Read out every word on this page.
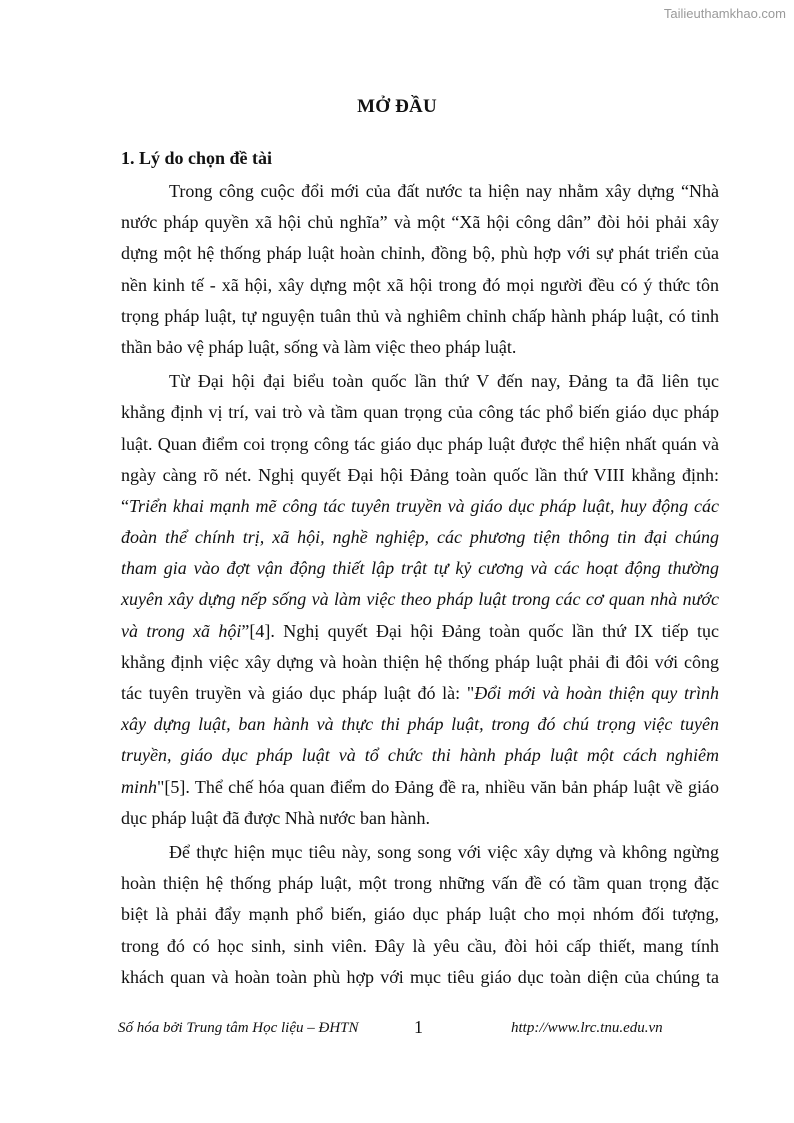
Tailieuthamkhao.com
MỞ ĐẦU
1. Lý do chọn đề tài
Trong công cuộc đổi mới của đất nước ta hiện nay nhằm xây dựng “Nhà
nước pháp quyền xã hội chủ nghĩa” và một “Xã hội công dân” đòi hỏi phải xây
dựng một hệ thống pháp luật hoàn chỉnh, đồng bộ, phù hợp với sự phát triển của
nền kinh tế - xã hội, xây dựng một xã hội trong đó mọi người đều có ý thức tôn
trọng pháp luật, tự nguyện tuân thủ và nghiêm chỉnh chấp hành pháp luật, có tinh
thần bảo vệ pháp luật, sống và làm việc theo pháp luật.
Từ Đại hội đại biểu toàn quốc lần thứ V đến nay, Đảng ta đã liên tục
khẳng định vị trí, vai trò và tầm quan trọng của công tác phổ biến giáo dục pháp
luật. Quan điểm coi trọng công tác giáo dục pháp luật được thể hiện nhất quán và
ngày càng rõ nét. Nghị quyết Đại hội Đảng toàn quốc lần thứ VIII khẳng định:
“Triển khai mạnh mẽ công tác tuyên truyền và giáo dục pháp luật, huy động các
đoàn thể chính trị, xã hội, nghề nghiệp, các phương tiện thông tin đại chúng
tham gia vào đợt vận động thiết lập trật tự kỷ cương và các hoạt động thường
xuyên xây dựng nếp sống và làm việc theo pháp luật trong các cơ quan nhà nước
và trong xã hội”[4]. Nghị quyết Đại hội Đảng toàn quốc lần thứ IX tiếp tục
khẳng định việc xây dựng và hoàn thiện hệ thống pháp luật phải đi đôi với công
tác tuyên truyền và giáo dục pháp luật đó là: "Đổi mới và hoàn thiện quy trình
xây dựng luật, ban hành và thực thi pháp luật, trong đó chú trọng việc tuyên
truyền, giáo dục pháp luật và tổ chức thi hành pháp luật một cách nghiêm
minh"[5]. Thể chế hóa quan điểm do Đảng đề ra, nhiều văn bản pháp luật về giáo
dục pháp luật đã được Nhà nước ban hành.
Để thực hiện mục tiêu này, song song với việc xây dựng và không ngừng
hoàn thiện hệ thống pháp luật, một trong những vấn đề có tầm quan trọng đặc
biệt là phải đẩy mạnh phổ biến, giáo dục pháp luật cho mọi nhóm đối tượng,
trong đó có học sinh, sinh viên. Đây là yêu cầu, đòi hỏi cấp thiết, mang tính
khách quan và hoàn toàn phù hợp với mục tiêu giáo dục toàn diện của chúng ta
Số hóa bởi Trung tâm Học liệu – ĐHTN	1	http://www.lrc.tnu.edu.vn
